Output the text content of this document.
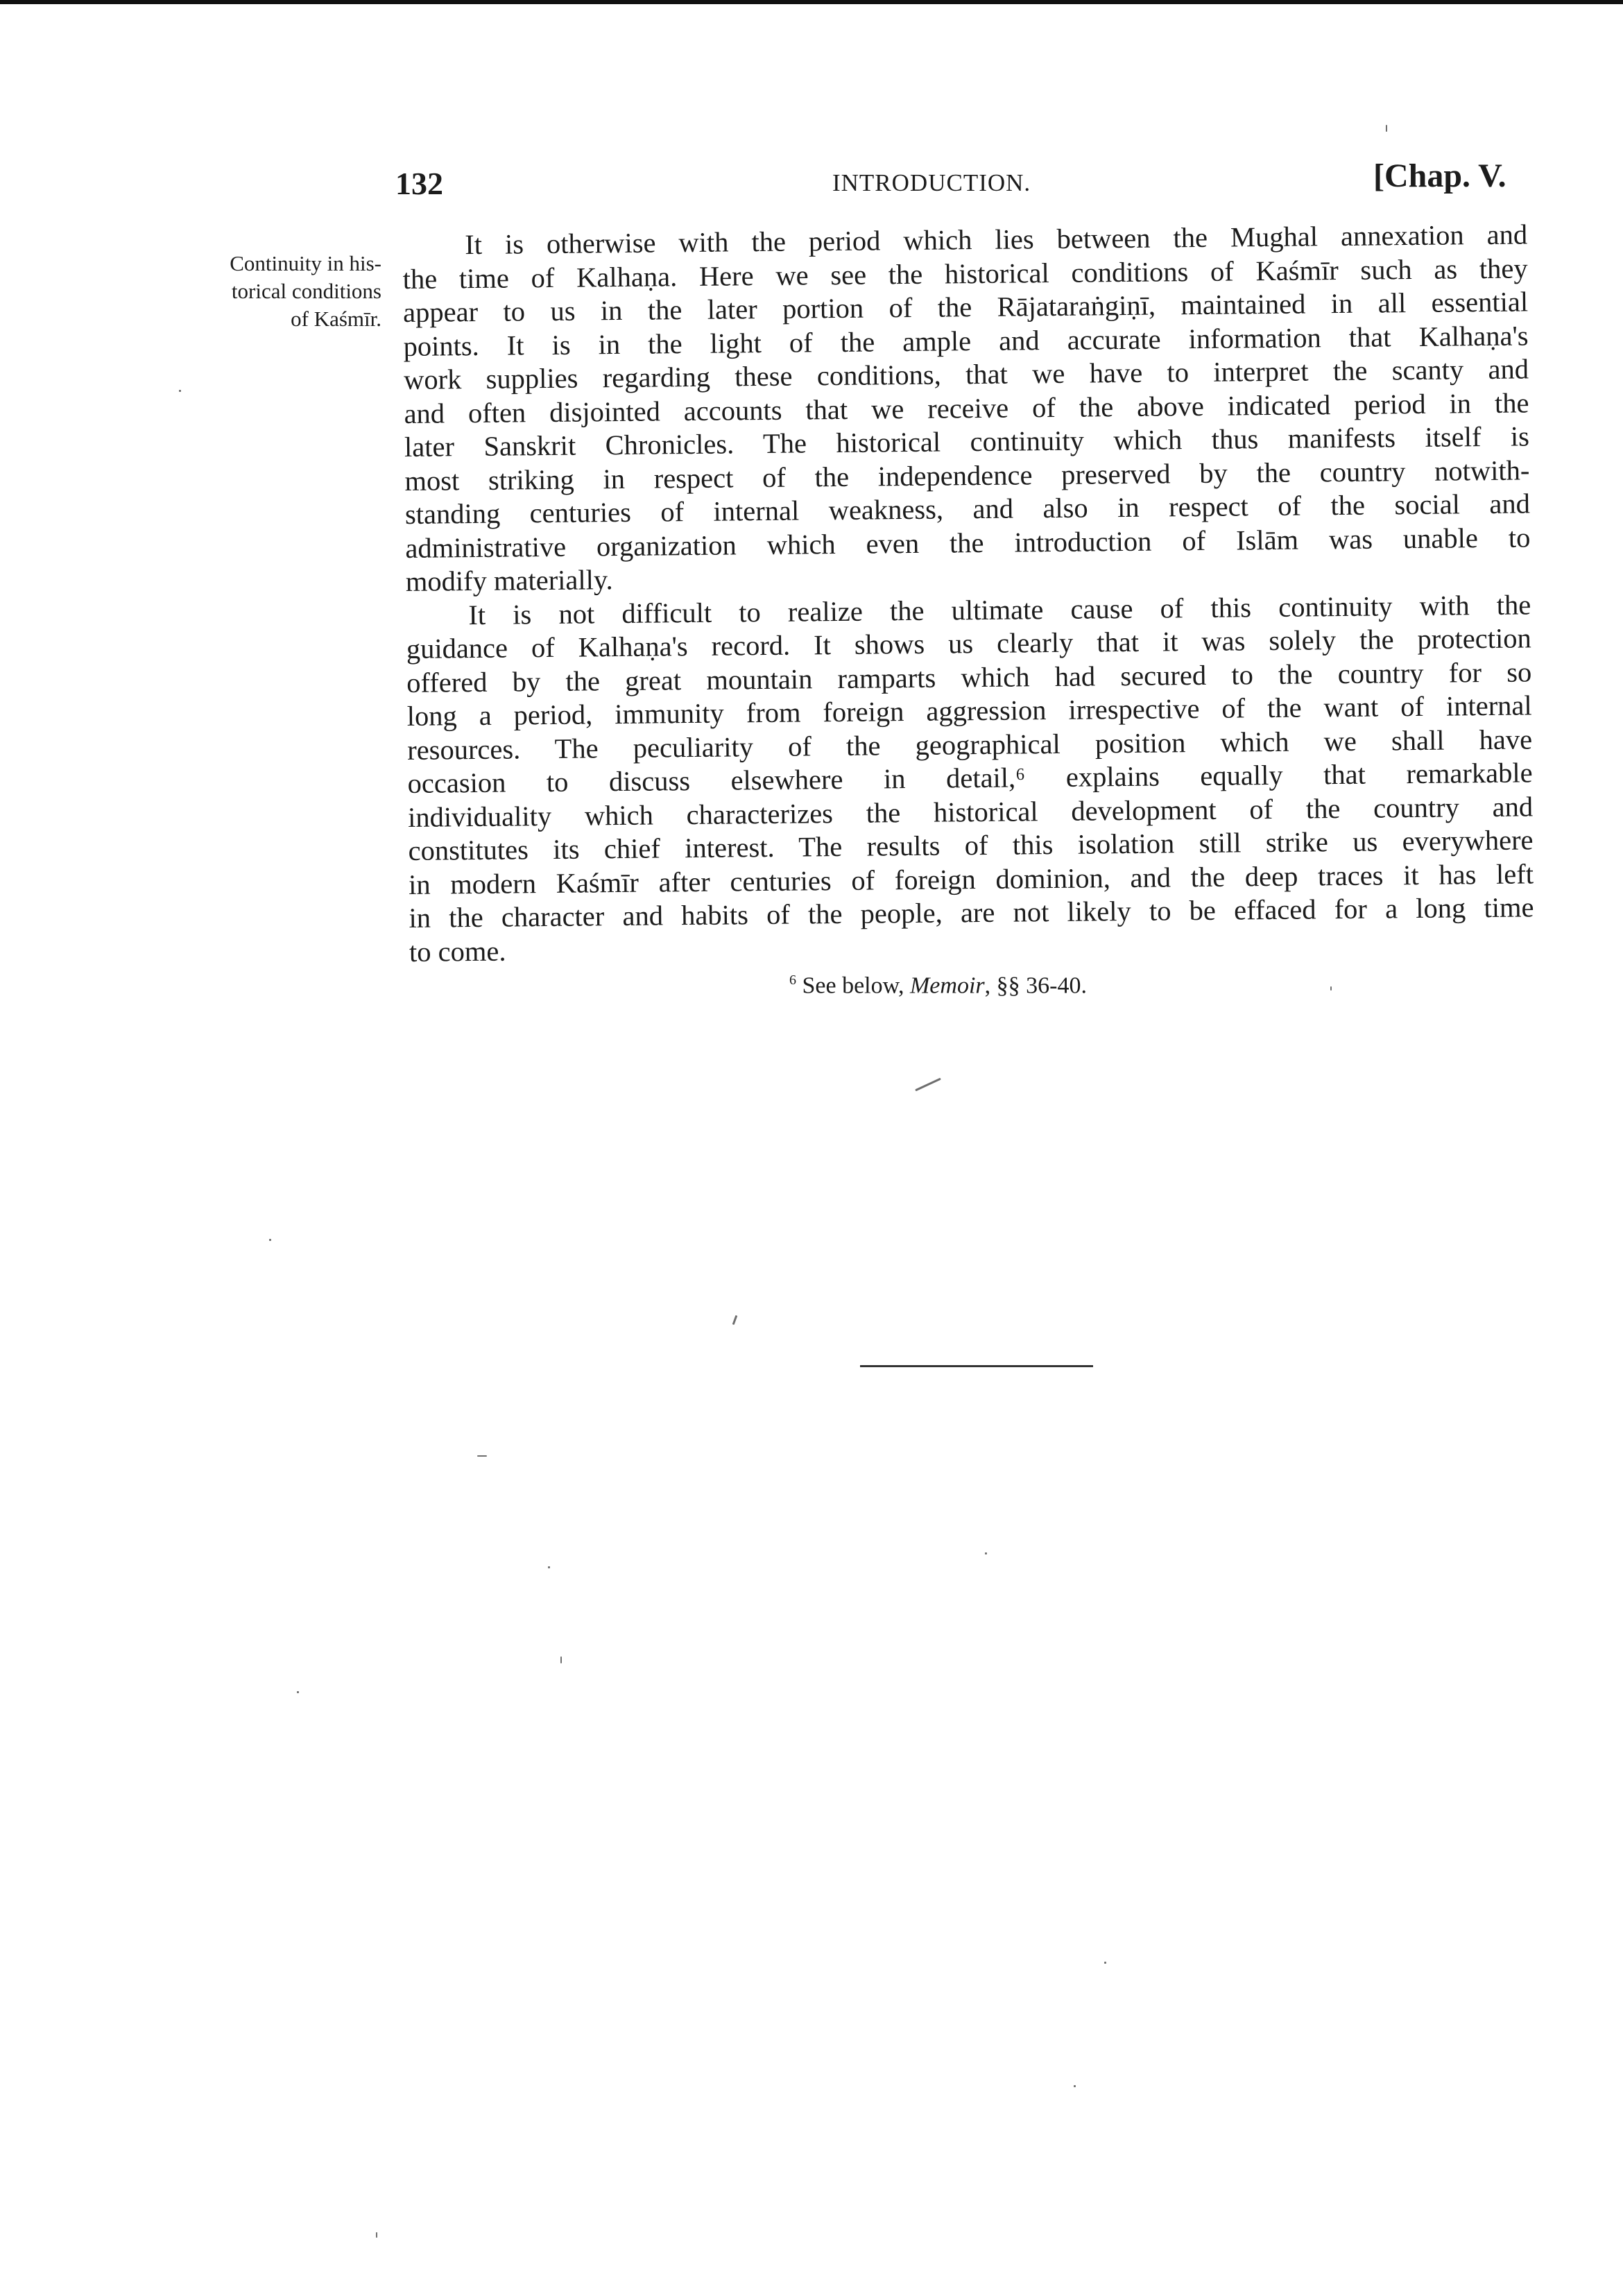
132	INTRODUCTION.	[Chap. V.
Continuity in his-
torical conditions
of Kaśmīr.
It is otherwise with the period which lies between the Mughal annexation and
the time of Kalhaṇa. Here we see the historical conditions of Kaśmīr such as they
appear to us in the later portion of the Rājataraṅgiṇī, maintained in all essential
points. It is in the light of the ample and accurate information that Kalhaṇa's
work supplies regarding these conditions, that we have to interpret the scanty and
and often disjointed accounts that we receive of the above indicated period in the
later Sanskrit Chronicles. The historical continuity which thus manifests itself is
most striking in respect of the independence preserved by the country notwith-
standing centuries of internal weakness, and also in respect of the social and
administrative organization which even the introduction of Islām was unable to
modify materially.
It is not difficult to realize the ultimate cause of this continuity with the
guidance of Kalhaṇa's record. It shows us clearly that it was solely the protection
offered by the great mountain ramparts which had secured to the country for so
long a period, immunity from foreign aggression irrespective of the want of internal
resources. The peculiarity of the geographical position which we shall have
occasion to discuss elsewhere in detail,⁶ explains equally that remarkable
individuality which characterizes the historical development of the country and
constitutes its chief interest. The results of this isolation still strike us everywhere
in modern Kaśmīr after centuries of foreign dominion, and the deep traces it has left
in the character and habits of the people, are not likely to be effaced for a long time
to come.
$^6$ See below, Memoir, §§ 36-40.
